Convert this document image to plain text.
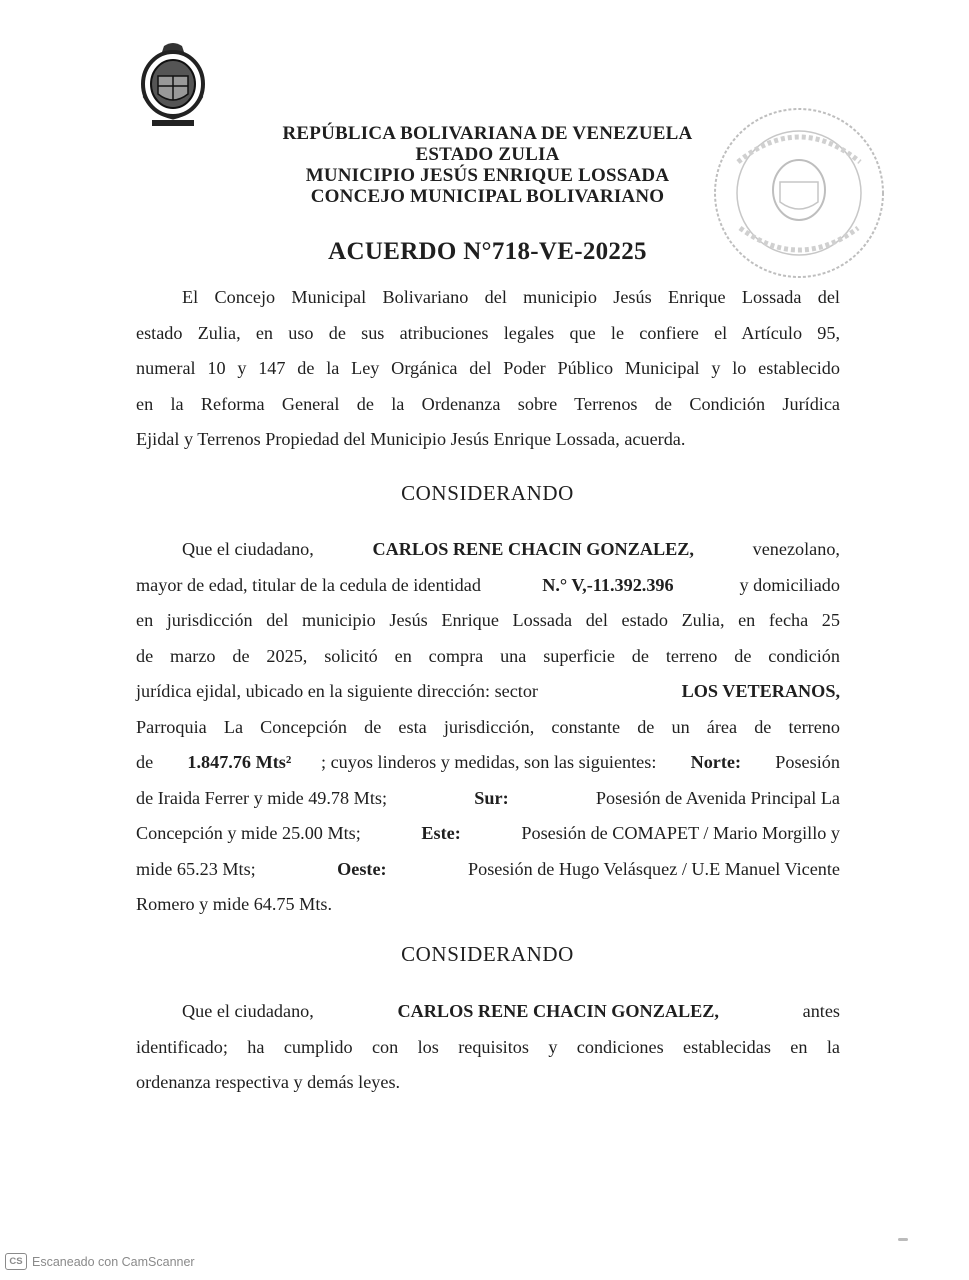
REPÚBLICA BOLIVARIANA DE VENEZUELA
ESTADO ZULIA
MUNICIPIO JESÚS ENRIQUE LOSSADA
CONCEJO MUNICIPAL BOLIVARIANO
ACUERDO N°718-VE-20225
El Concejo Municipal Bolivariano del municipio Jesús Enrique Lossada del
estado Zulia, en uso de sus atribuciones legales que le confiere el Artículo 95,
numeral 10 y 147 de la Ley Orgánica del Poder Público Municipal y lo establecido
en la Reforma General de la Ordenanza sobre Terrenos de Condición Jurídica
Ejidal y Terrenos Propiedad del Municipio Jesús Enrique Lossada, acuerda.
CONSIDERANDO
Que el ciudadano,	CARLOS RENE CHACIN GONZALEZ,	venezolano,
mayor de edad, titular de la cedula de identidad	N.° V,-11.392.396	y domiciliado
en jurisdicción del municipio Jesús Enrique Lossada del estado Zulia, en fecha 25
de marzo de 2025, solicitó en compra una superficie de terreno de condición
jurídica ejidal, ubicado en la siguiente dirección: sector	LOS VETERANOS,
Parroquia La Concepción de esta jurisdicción, constante de un área de terreno
de 1.847.76 Mts² ; cuyos linderos y medidas, son las siguientes: Norte: Posesión
de Iraida Ferrer y mide 49.78 Mts;	Sur:	Posesión de Avenida Principal La
Concepción y mide 25.00 Mts;	Este:	Posesión de COMAPET / Mario Morgillo y
mide 65.23 Mts;	Oeste:	Posesión de Hugo Velásquez / U.E Manuel Vicente
Romero y mide 64.75 Mts.
CONSIDERANDO
Que el ciudadano,	CARLOS RENE CHACIN GONZALEZ,	antes
identificado; ha cumplido con los requisitos y condiciones establecidas en la
ordenanza respectiva y demás leyes.
CS Escaneado con CamScanner
